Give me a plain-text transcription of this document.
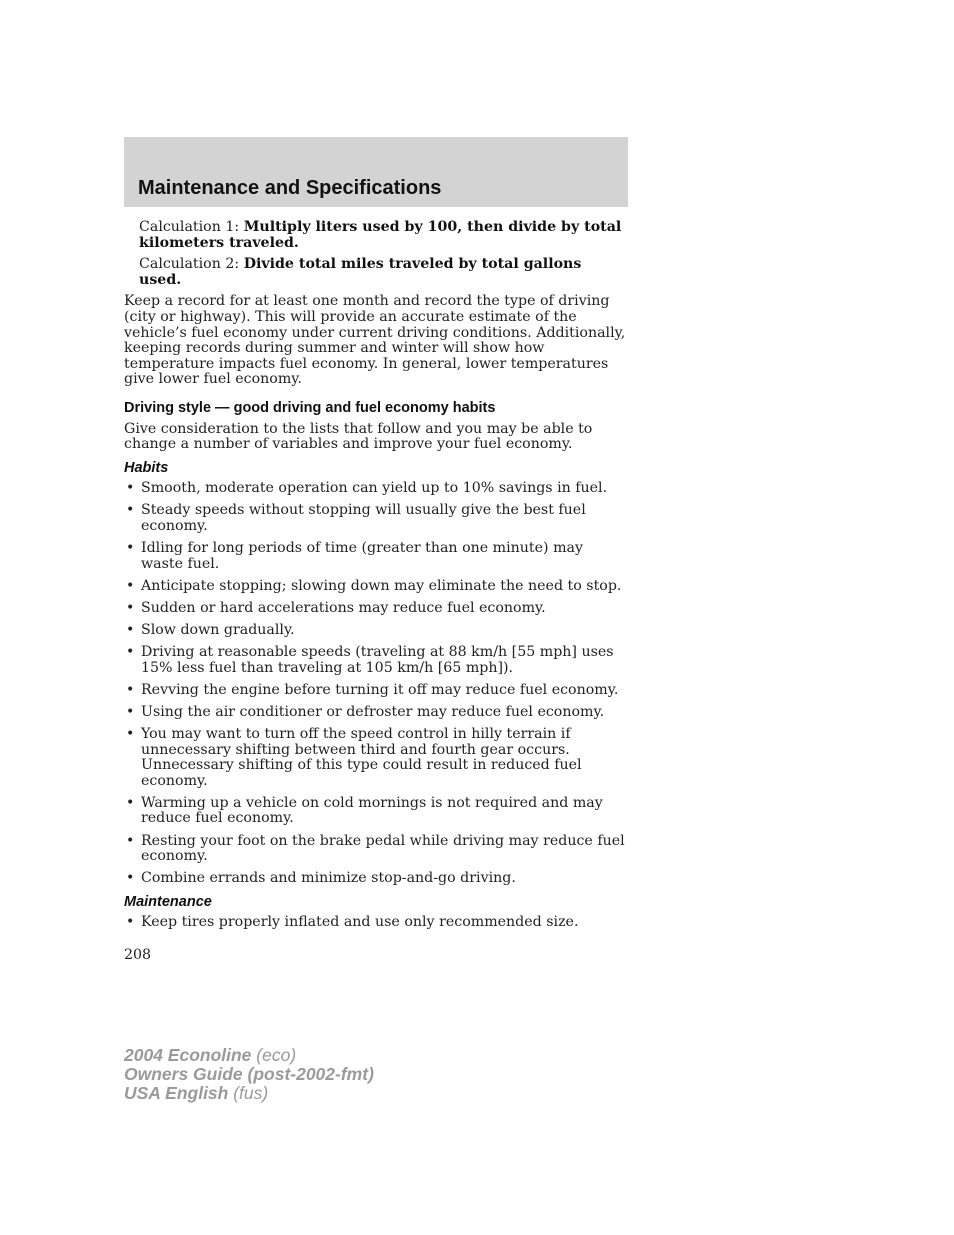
Maintenance and Specifications

Calculation 1: Multiply liters used by 100, then divide by total kilometers traveled.

Calculation 2: Divide total miles traveled by total gallons used.

Keep a record for at least one month and record the type of driving (city or highway). This will provide an accurate estimate of the vehicle’s fuel economy under current driving conditions. Additionally, keeping records during summer and winter will show how temperature impacts fuel economy. In general, lower temperatures give lower fuel economy.

Driving style — good driving and fuel economy habits

Give consideration to the lists that follow and you may be able to change a number of variables and improve your fuel economy.

Habits
• Smooth, moderate operation can yield up to 10% savings in fuel.
• Steady speeds without stopping will usually give the best fuel economy.
• Idling for long periods of time (greater than one minute) may waste fuel.
• Anticipate stopping; slowing down may eliminate the need to stop.
• Sudden or hard accelerations may reduce fuel economy.
• Slow down gradually.
• Driving at reasonable speeds (traveling at 88 km/h [55 mph] uses 15% less fuel than traveling at 105 km/h [65 mph]).
• Revving the engine before turning it off may reduce fuel economy.
• Using the air conditioner or defroster may reduce fuel economy.
• You may want to turn off the speed control in hilly terrain if unnecessary shifting between third and fourth gear occurs. Unnecessary shifting of this type could result in reduced fuel economy.
• Warming up a vehicle on cold mornings is not required and may reduce fuel economy.
• Resting your foot on the brake pedal while driving may reduce fuel economy.
• Combine errands and minimize stop-and-go driving.
Maintenance
• Keep tires properly inflated and use only recommended size.

208

2004 Econoline (eco)
Owners Guide (post-2002-fmt)
USA English (fus)
